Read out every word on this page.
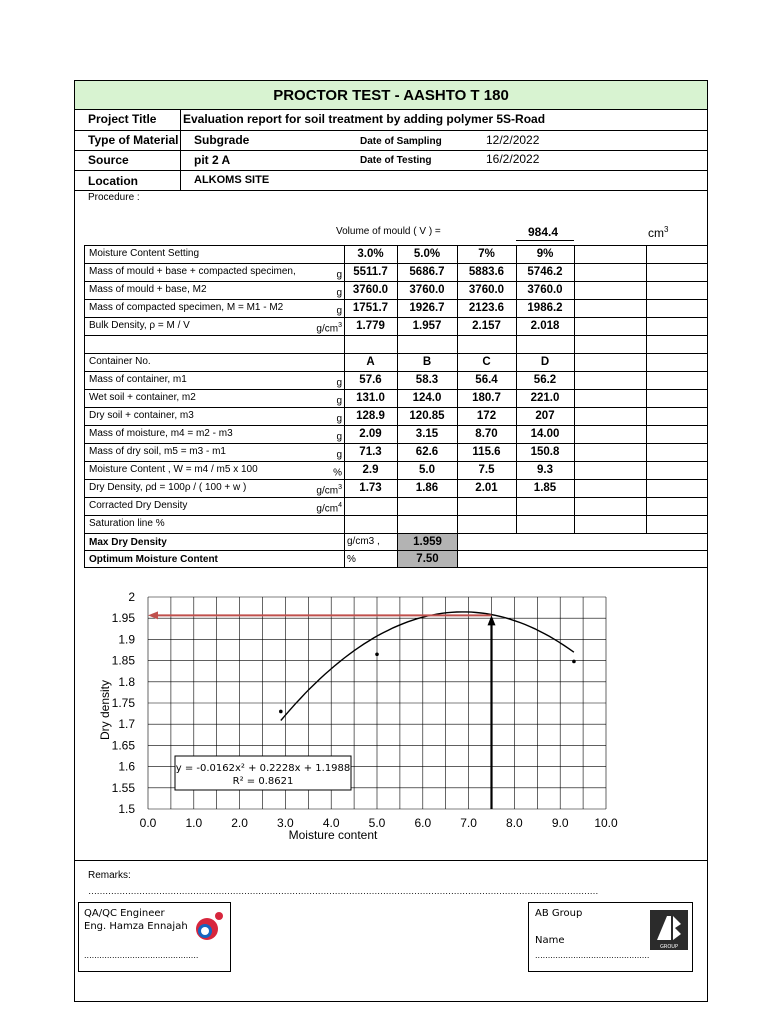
PROCTOR TEST - AASHTO T 180
Project Title Evaluation report for soil treatment by adding polymer 5S-Road
Type of Material Subgrade	Date of Sampling	12/2/2022
Source	pit 2 A	Date of Testing	16/2/2022
Location	ALKOMS SITE
Procedure :
Volume of mould ( V ) =	984.4	$cm^3$
Moisture Content Setting	3.0%	5.0%	7%	9%
Mass of mould + base + compacted specimen,	g 5511.7	5686.7	5883.6	5746.2
Mass of mould + base, M2	g 3760.0	3760.0	3760.0	3760.0
Mass of compacted specimen, M = M1 - M2	g 1751.7	1926.7	2123.6	1986.2
Bulk Density, ρ = M / V	$g/cm^3$	1.779	1.957	2.157	2.018
Container No.	A	B	C	D
Mass of container, m1	g	57.6	58.3	56.4	56.2
Wet soil + container, m2	g	131.0	124.0	180.7	221.0
Dry soil + container, m3	g	128.9	120.85	172	207
Mass of moisture, m4 = m2 - m3	g	2.09	3.15	8.70	14.00
Mass of dry soil, m5 = m3 - m1	g	71.3	62.6	115.6	150.8
Moisture Content , W = m4 / m5 x 100	%	2.9	5.0	7.5	9.3
Dry Density, ρd = 100ρ / ( 100 + w )	$g/cm^3$	1.73	1.86	2.01	1.85
Corracted Dry Density	$g/cm^4$
Saturation line %
Max Dry Density	g/cm3 ,	1.959
Optimum Moisture Content	%	7.50
0.0 1.0 2.0 3.0 4.0 5.0 6.0 7.0 8.0 9.0 10.0
1.5
1.55
1.6
1.65
1.7
1.75
1.8
1.85
1.9
1.95
2
y = -0.0162x² + 0.2228x + 1.1988
R² = 0.8621
Moisture content
Dry density
Remarks:
………………………………………………………………………………………………………………………………………………………………
QA/QC Engineer
Eng. Hamza Ennajah
.............................................
AB Group
Name
.............................................
GROUP
